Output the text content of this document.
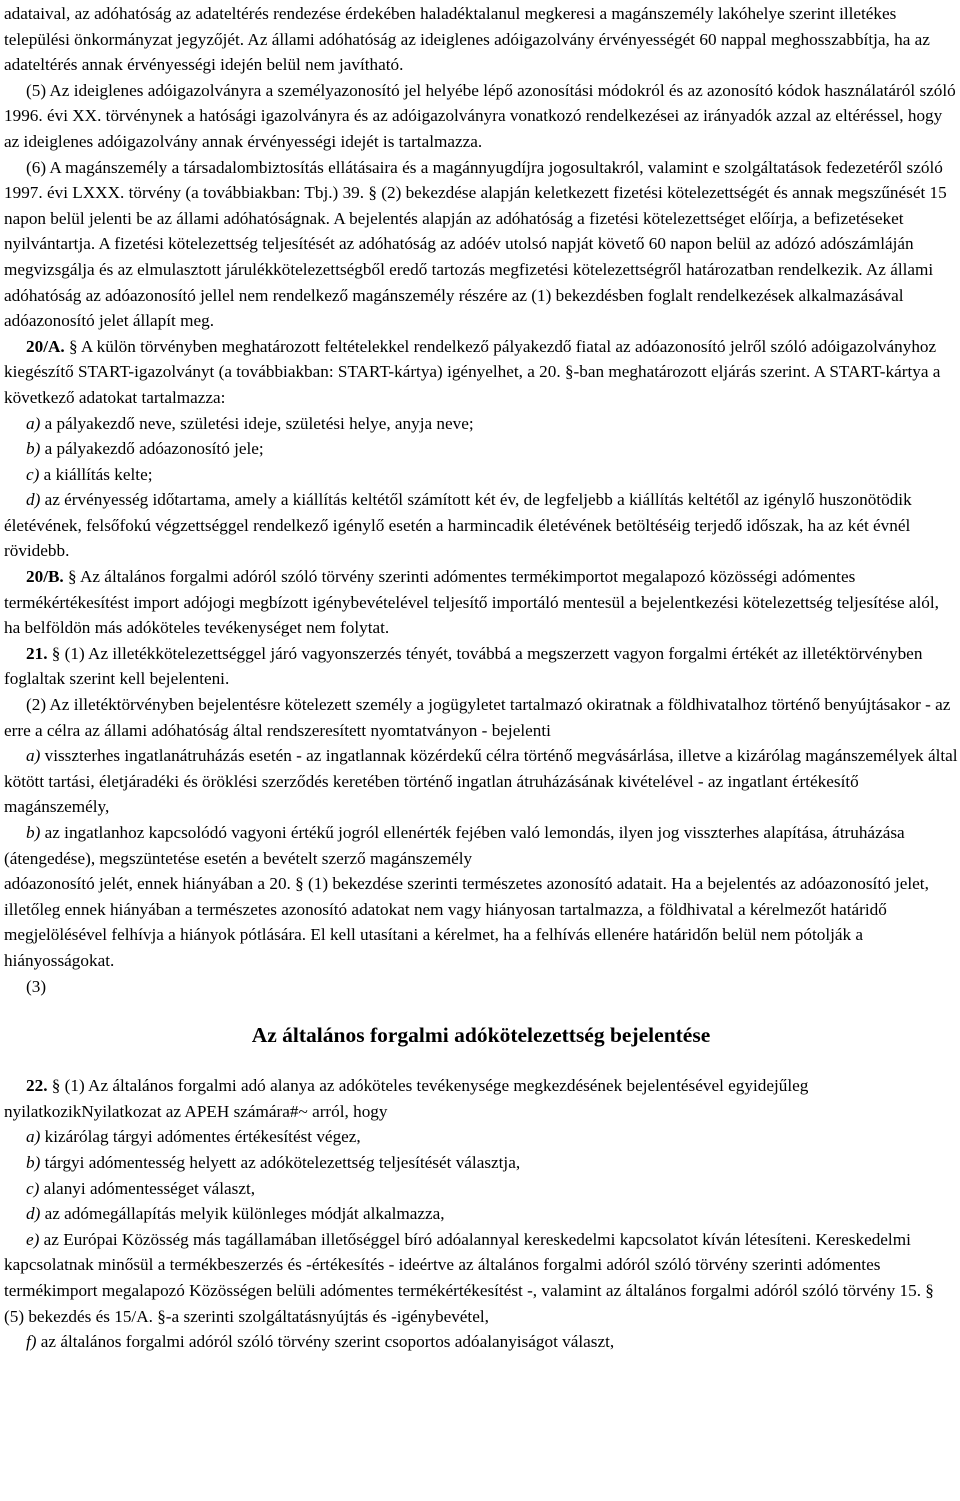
adataival, az adóhatóság az adateltérés rendezése érdekében haladéktalanul megkeresi a magánszemély lakóhelye szerint illetékes települési önkormányzat jegyzőjét. Az állami adóhatóság az ideiglenes adóigazolvány érvényességét 60 nappal meghosszabbítja, ha az adateltérés annak érvényességi idején belül nem javítható.

(5) Az ideiglenes adóigazolványra a személyazonosító jel helyébe lépő azonosítási módokról és az azonosító kódok használatáról szóló 1996. évi XX. törvénynek a hatósági igazolványra és az adóigazolványra vonatkozó rendelkezései az irányadók azzal az eltéréssel, hogy az ideiglenes adóigazolvány annak érvényességi idejét is tartalmazza.

(6) A magánszemély a társadalombiztosítás ellátásaira és a magánnyugdíjra jogosultakról, valamint e szolgáltatások fedezetéről szóló 1997. évi LXXX. törvény (a továbbiakban: Tbj.) 39. § (2) bekezdése alapján keletkezett fizetési kötelezettségét és annak megszűnését 15 napon belül jelenti be az állami adóhatóságnak. A bejelentés alapján az adóhatóság a fizetési kötelezettséget előírja, a befizetéseket nyilvántartja. A fizetési kötelezettség teljesítését az adóhatóság az adóév utolsó napját követő 60 napon belül az adózó adószámláján megvizsgálja és az elmulasztott járulékkötelezettségből eredő tartozás megfizetési kötelezettségről határozatban rendelkezik. Az állami adóhatóság az adóazonosító jellel nem rendelkező magánszemély részére az (1) bekezdésben foglalt rendelkezések alkalmazásával adóazonosító jelet állapít meg.

20/A. § A külön törvényben meghatározott feltételekkel rendelkező pályakezdő fiatal az adóazonosító jelről szóló adóigazolványhoz kiegészítő START-igazolványt (a továbbiakban: START-kártya) igényelhet, a 20. §-ban meghatározott eljárás szerint. A START-kártya a következő adatokat tartalmazza:

a) a pályakezdő neve, születési ideje, születési helye, anyja neve;

b) a pályakezdő adóazonosító jele;

c) a kiállítás kelte;

d) az érvényesség időtartama, amely a kiállítás keltétől számított két év, de legfeljebb a kiállítás keltétől az igénylő huszonötödik életévének, felsőfokú végzettséggel rendelkező igénylő esetén a harmincadik életévének betöltéséig terjedő időszak, ha az két évnél rövidebb.

20/B. § Az általános forgalmi adóról szóló törvény szerinti adómentes termékimportot megalapozó közösségi adómentes termékértékesítést import adójogi megbízott igénybevételével teljesítő importáló mentesül a bejelentkezési kötelezettség teljesítése alól, ha belföldön más adóköteles tevékenységet nem folytat.

21. § (1) Az illetékkötelezettséggel járó vagyonszerzés tényét, továbbá a megszerzett vagyon forgalmi értékét az illetéktörvényben foglaltak szerint kell bejelenteni.

(2) Az illetéktörvényben bejelentésre kötelezett személy a jogügyletet tartalmazó okiratnak a földhivatalhoz történő benyújtásakor - az erre a célra az állami adóhatóság által rendszeresített nyomtatványon - bejelenti

a) visszterhes ingatlanátruházás esetén - az ingatlannak közérdekű célra történő megvásárlása, illetve a kizárólag magánszemélyek által kötött tartási, életjáradéki és öröklési szerződés keretében történő ingatlan átruházásának kivételével - az ingatlant értékesítő magánszemély,

b) az ingatlanhoz kapcsolódó vagyoni értékű jogról ellenérték fejében való lemondás, ilyen jog visszterhes alapítása, átruházása (átengedése), megszüntetése esetén a bevételt szerző magánszemély

adóazonosító jelét, ennek hiányában a 20. § (1) bekezdése szerinti természetes azonosító adatait. Ha a bejelentés az adóazonosító jelet, illetőleg ennek hiányában a természetes azonosító adatokat nem vagy hiányosan tartalmazza, a földhivatal a kérelmezőt határidő megjelölésével felhívja a hiányok pótlására. El kell utasítani a kérelmet, ha a felhívás ellenére határidőn belül nem pótolják a hiányosságokat.

(3)

Az általános forgalmi adókötelezettség bejelentése

22. § (1) Az általános forgalmi adó alanya az adóköteles tevékenysége megkezdésének bejelentésével egyidejűleg nyilatkozikNyilatkozat az APEH számára#~ arról, hogy

a) kizárólag tárgyi adómentes értékesítést végez,

b) tárgyi adómentesség helyett az adókötelezettség teljesítését választja,

c) alanyi adómentességet választ,

d) az adómegállapítás melyik különleges módját alkalmazza,

e) az Európai Közösség más tagállamában illetőséggel bíró adóalannyal kereskedelmi kapcsolatot kíván létesíteni. Kereskedelmi kapcsolatnak minősül a termékbeszerzés és -értékesítés - ideértve az általános forgalmi adóról szóló törvény szerinti adómentes termékimport megalapozó Közösségen belüli adómentes termékértékesítést -, valamint az általános forgalmi adóról szóló törvény 15. § (5) bekezdés és 15/A. §-a szerinti szolgáltatásnyújtás és -igénybevétel,

f) az általános forgalmi adóról szóló törvény szerint csoportos adóalanyiságot választ,
